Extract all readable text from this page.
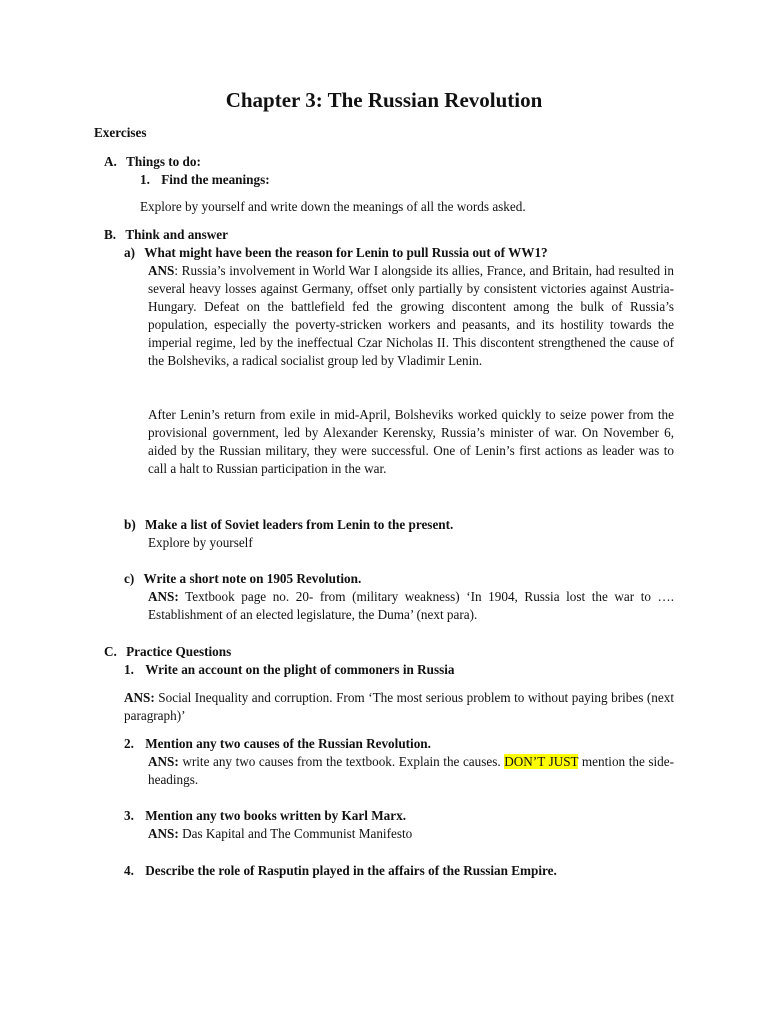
Chapter 3: The Russian Revolution
Exercises
A. Things to do:
1. Find the meanings:
Explore by yourself and write down the meanings of all the words asked.
B. Think and answer
a) What might have been the reason for Lenin to pull Russia out of WW1?
ANS: Russia’s involvement in World War I alongside its allies, France, and Britain, had resulted in several heavy losses against Germany, offset only partially by consistent victories against Austria-Hungary. Defeat on the battlefield fed the growing discontent among the bulk of Russia’s population, especially the poverty-stricken workers and peasants, and its hostility towards the imperial regime, led by the ineffectual Czar Nicholas II. This discontent strengthened the cause of the Bolsheviks, a radical socialist group led by Vladimir Lenin.
After Lenin’s return from exile in mid-April, Bolsheviks worked quickly to seize power from the provisional government, led by Alexander Kerensky, Russia’s minister of war. On November 6, aided by the Russian military, they were successful. One of Lenin’s first actions as leader was to call a halt to Russian participation in the war.
b) Make a list of Soviet leaders from Lenin to the present.
Explore by yourself
c) Write a short note on 1905 Revolution.
ANS: Textbook page no. 20- from (military weakness) ‘In 1904, Russia lost the war to …. Establishment of an elected legislature, the Duma’ (next para).
C. Practice Questions
1. Write an account on the plight of commoners in Russia
ANS: Social Inequality and corruption. From ‘The most serious problem to without paying bribes (next paragraph)’
2. Mention any two causes of the Russian Revolution.
ANS: write any two causes from the textbook. Explain the causes. DON’T JUST mention the side-headings.
3. Mention any two books written by Karl Marx.
ANS: Das Kapital and The Communist Manifesto
4. Describe the role of Rasputin played in the affairs of the Russian Empire.
